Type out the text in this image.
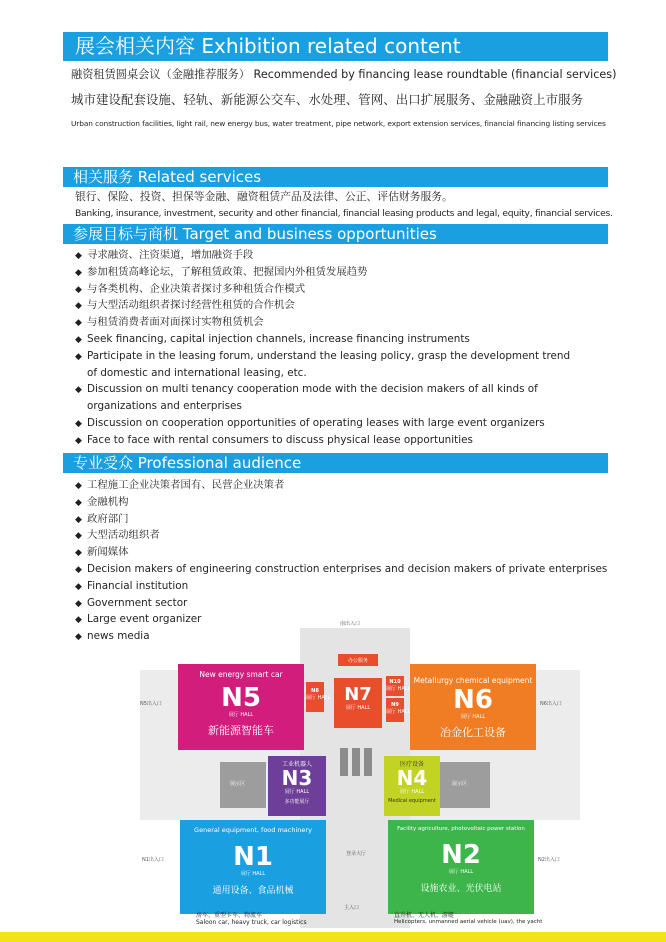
展会相关内容 Exhibition related content
融资租赁圆桌会议（金融推荐服务） Recommended by financing lease roundtable (financial services)
城市建设配套设施、轻轨、新能源公交车、水处理、管网、出口扩展服务、金融融资上市服务
Urban construction facilities, light rail, new energy bus, water treatment, pipe network, export extension services, financial financing listing services
相关服务 Related services
银行、保险、投资、担保等金融、融资租赁产品及法律、公正、评估财务服务。
Banking, insurance, investment, security and other financial, financial leasing products and legal, equity, financial services.
参展目标与商机 Target and business opportunities
◆ 寻求融资、注资渠道，增加融资手段
◆ 参加租赁高峰论坛，了解租赁政策、把握国内外租赁发展趋势
◆ 与各类机构、企业决策者探讨多种租赁合作模式
◆ 与大型活动组织者探讨经营性租赁的合作机会
◆ 与租赁消费者面对面探讨实物租赁机会
◆ Seek financing, capital injection channels, increase financing instruments
◆ Participate in the leasing forum, understand the leasing policy, grasp the development trend
of domestic and international leasing, etc.
◆ Discussion on multi tenancy cooperation mode with the decision makers of all kinds of
organizations and enterprises
◆ Discussion on cooperation opportunities of operating leases with large event organizers
◆ Face to face with rental consumers to discuss physical lease opportunities
专业受众 Professional audience
◆ 工程施工企业决策者国有、民营企业决策者
◆ 金融机构
◆ 政府部门
◆ 大型活动组织者
◆ 新闻媒体
◆ Decision makers of engineering construction enterprises and decision makers of private enterprises
◆ Financial institution
◆ Government sector
◆ Large event organizer
◆ news media
南出入口
办公服务
New energy smart car
N5
展厅 HALL
新能源智能车
N5出入口
N8
展厅 HALL N7
展厅 HALL	N9
展厅 HALL
N10
展厅 HALL
Metallurgy chemical equipment
N6
展厅 HALL
冶金化工设备
N6出入口
展示区	展示区
工业机器人
N3
展厅 HALL
多功能展厅
医疗设备
N4
展厅 HALL
Medical equipment
General equipment, food machinery
N1
展厅 HALL
通用设备、食品机械
N1出入口
登录大厅
Facility agriculture, photovoltaic power station
N2
展厅 HALL
设施农业、光伏电站
N2出入口
主入口
房车、重型卡车、物流车
Saloon car, heavy truck, car logistics
直升机、无人机、游艇
Helicopters, unmanned aerial vehicle (uav), the yacht
